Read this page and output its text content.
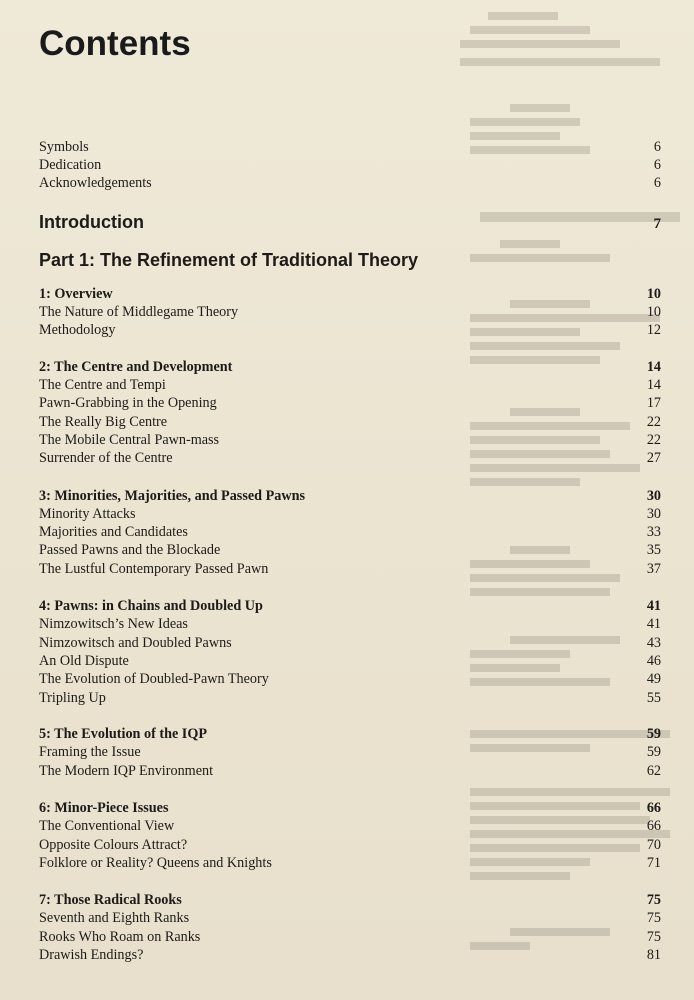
Contents
Symbols	6
Dedication	6
Acknowledgements	6
Introduction	7
Part 1: The Refinement of Traditional Theory
1: Overview	10
The Nature of Middlegame Theory	10
Methodology	12
2: The Centre and Development	14
The Centre and Tempi	14
Pawn-Grabbing in the Opening	17
The Really Big Centre	22
The Mobile Central Pawn-mass	22
Surrender of the Centre	27
3: Minorities, Majorities, and Passed Pawns	30
Minority Attacks	30
Majorities and Candidates	33
Passed Pawns and the Blockade	35
The Lustful Contemporary Passed Pawn	37
4: Pawns: in Chains and Doubled Up	41
Nimzowitsch’s New Ideas	41
Nimzowitsch and Doubled Pawns	43
An Old Dispute	46
The Evolution of Doubled-Pawn Theory	49
Tripling Up	55
5: The Evolution of the IQP	59
Framing the Issue	59
The Modern IQP Environment	62
6: Minor-Piece Issues	66
The Conventional View	66
Opposite Colours Attract?	70
Folklore or Reality? Queens and Knights	71
7: Those Radical Rooks	75
Seventh and Eighth Ranks	75
Rooks Who Roam on Ranks	75
Drawish Endings?	81
